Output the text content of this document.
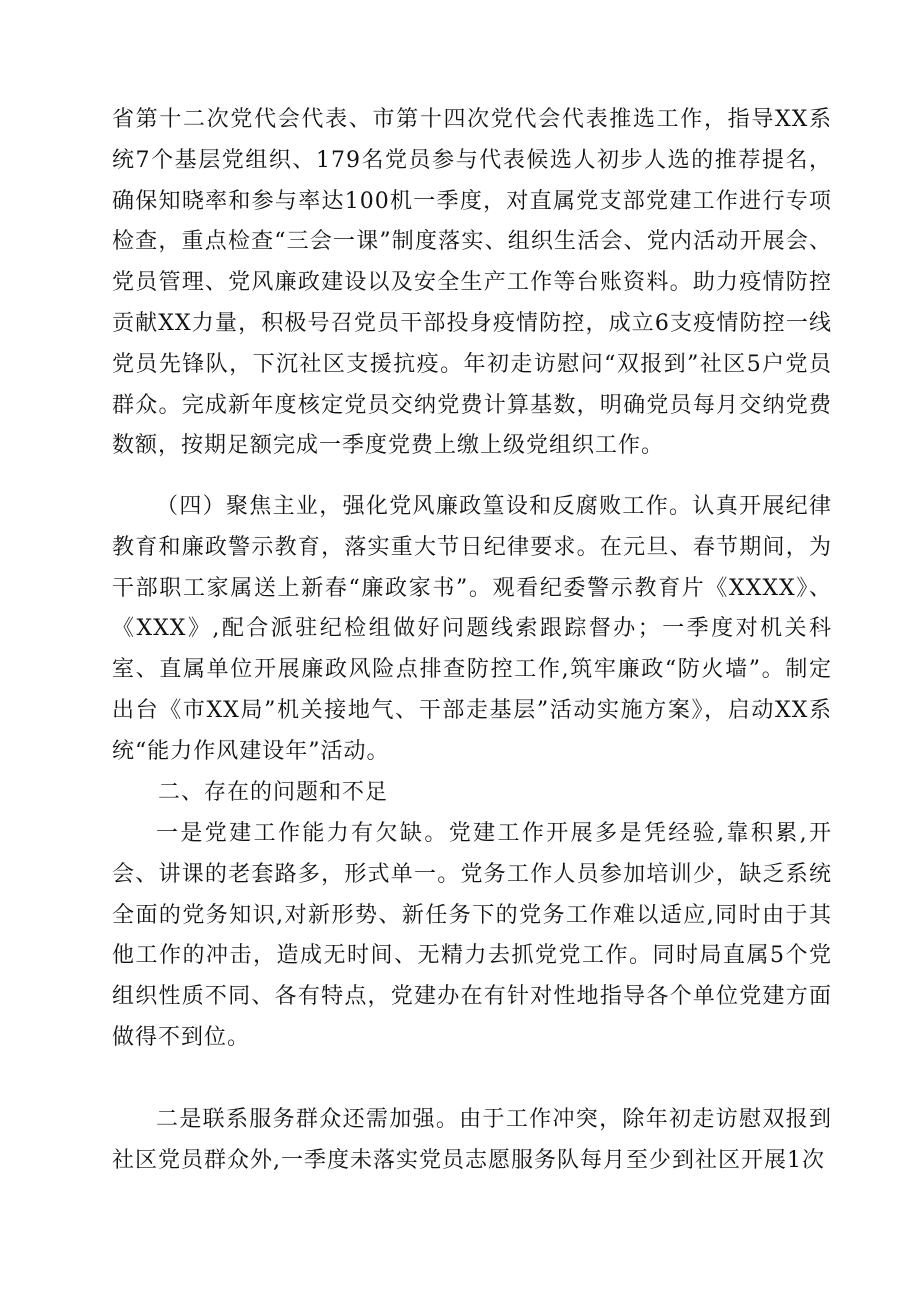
省第十二次党代会代表、市第十四次党代会代表推选工作，指导XX系统7个基层党组织、179名党员参与代表候选人初步人选的推荐提名，确保知晓率和参与率达100机一季度，对直属党支部党建工作进行专项检查，重点检查“三会一课”制度落实、组织生活会、党内活动开展会、党员管理、党风廉政建设以及安全生产工作等台账资料。助力疫情防控贡献XX力量，积极号召党员干部投身疫情防控，成立6支疫情防控一线党员先锋队，下沉社区支援抗疫。年初走访慰问“双报到”社区5户党员群众。完成新年度核定党员交纳党费计算基数，明确党员每月交纳党费数额，按期足额完成一季度党费上缴上级党组织工作。

（四）聚焦主业，强化党风廉政篁设和反腐败工作。认真开展纪律教育和廉政警示教育，落实重大节日纪律要求。在元旦、春节期间，为干部职工家属送上新春“廉政家书”。观看纪委警示教育片《XXXX》、《XXX》,配合派驻纪检组做好问题线索跟踪督办；一季度对机关科室、直属单位开展廉政风险点排查防控工作,筑牢廉政“防火墙”。制定出台《市XX局”机关接地气、干部走基层”活动实施方案》，启动XX系统“能力作风建设年”活动。

二、存在的问题和不足

一是党建工作能力有欠缺。党建工作开展多是凭经验,靠积累,开会、讲课的老套路多，形式单一。党务工作人员参加培训少，缺乏系统全面的党务知识,对新形势、新任务下的党务工作难以适应,同时由于其他工作的冲击，造成无时间、无精力去抓党党工作。同时局直属5个党组织性质不同、各有特点，党建办在有针对性地指导各个单位党建方面做得不到位。

二是联系服务群众还需加强。由于工作冲突，除年初走访慰双报到社区党员群众外,一季度未落实党员志愿服务队每月至少到社区开展1次
